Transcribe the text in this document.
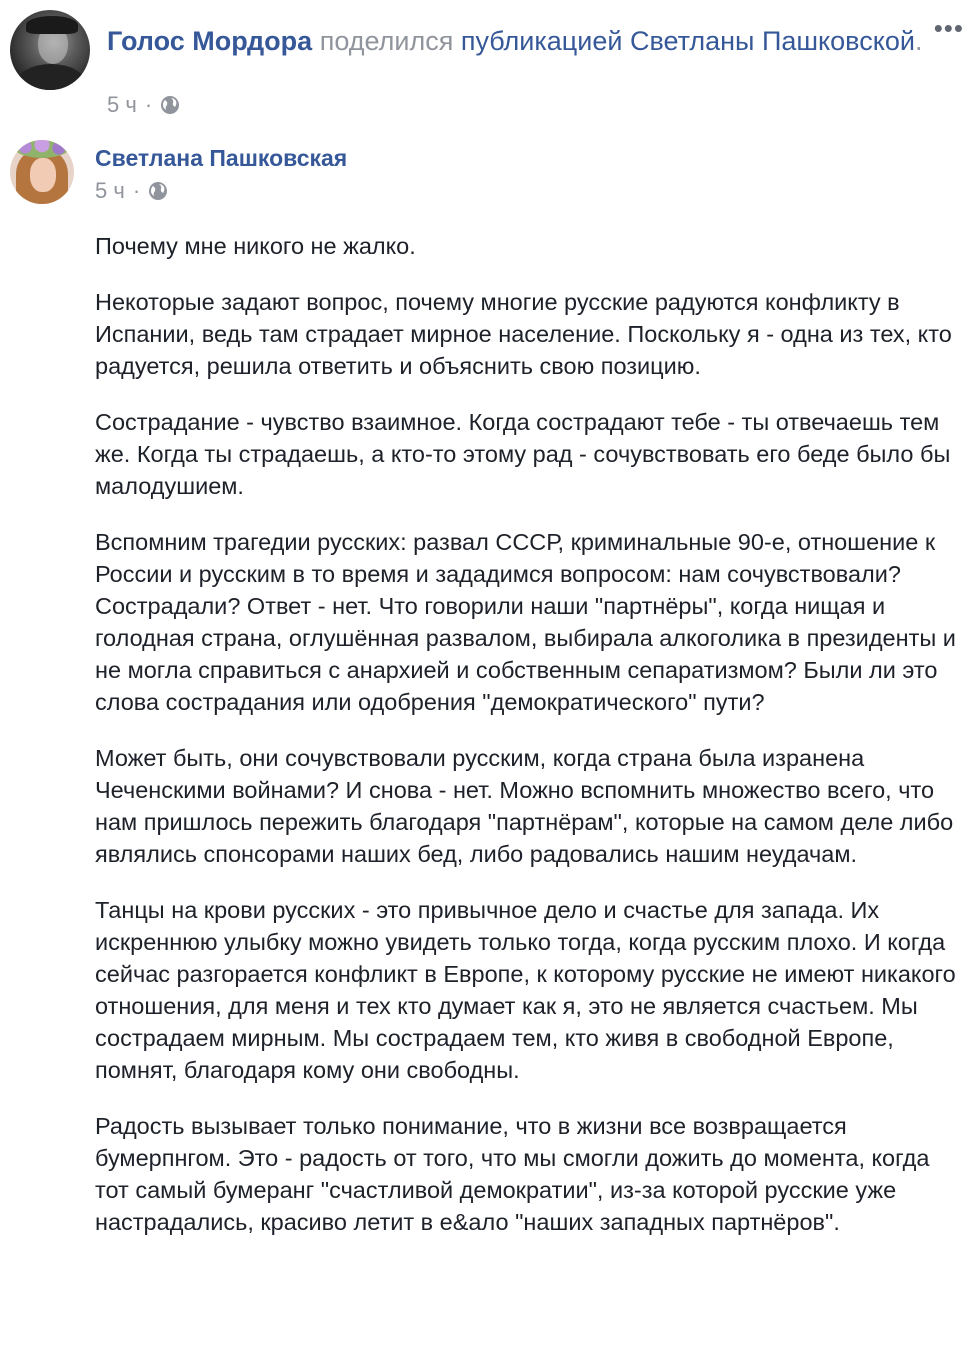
Голос Мордора поделился публикацией Светланы Пашковской. •••
5 ч ·
Светлана Пашковская
5 ч ·

Почему мне никого не жалко.

Некоторые задают вопрос, почему многие русские радуются конфликту в Испании, ведь там страдает мирное население. Поскольку я - одна из тех, кто радуется, решила ответить и объяснить свою позицию.

Сострадание - чувство взаимное. Когда сострадают тебе - ты отвечаешь тем же. Когда ты страдаешь, а кто-то этому рад - сочувствовать его беде было бы малодушием.

Вспомним трагедии русских: развал СССР, криминальные 90-е, отношение к России и русским в то время и зададимся вопросом: нам сочувствовали? Сострадали? Ответ - нет. Что говорили наши "партнёры", когда нищая и голодная страна, оглушённая развалом, выбирала алкоголика в президенты и не могла справиться с анархией и собственным сепаратизмом? Были ли это слова сострадания или одобрения "демократического" пути?

Может быть, они сочувствовали русским, когда страна была изранена Чеченскими войнами? И снова - нет. Можно вспомнить множество всего, что нам пришлось пережить благодаря "партнёрам", которые на самом деле либо являлись спонсорами наших бед, либо радовались нашим неудачам.

Танцы на крови русских - это привычное дело и счастье для запада. Их искреннюю улыбку можно увидеть только тогда, когда русским плохо. И когда сейчас разгорается конфликт в Европе, к которому русские не имеют никакого отношения, для меня и тех кто думает как я, это не является счастьем. Мы сострадаем мирным. Мы сострадаем тем, кто живя в свободной Европе, помнят, благодаря кому они свободны.

Радость вызывает только понимание, что в жизни все возвращается бумерпнгом. Это - радость от того, что мы смогли дожить до момента, когда тот самый бумеранг "счастливой демократии", из-за которой русские уже настрадались, красиво летит в е&ало "наших западных партнёров".
